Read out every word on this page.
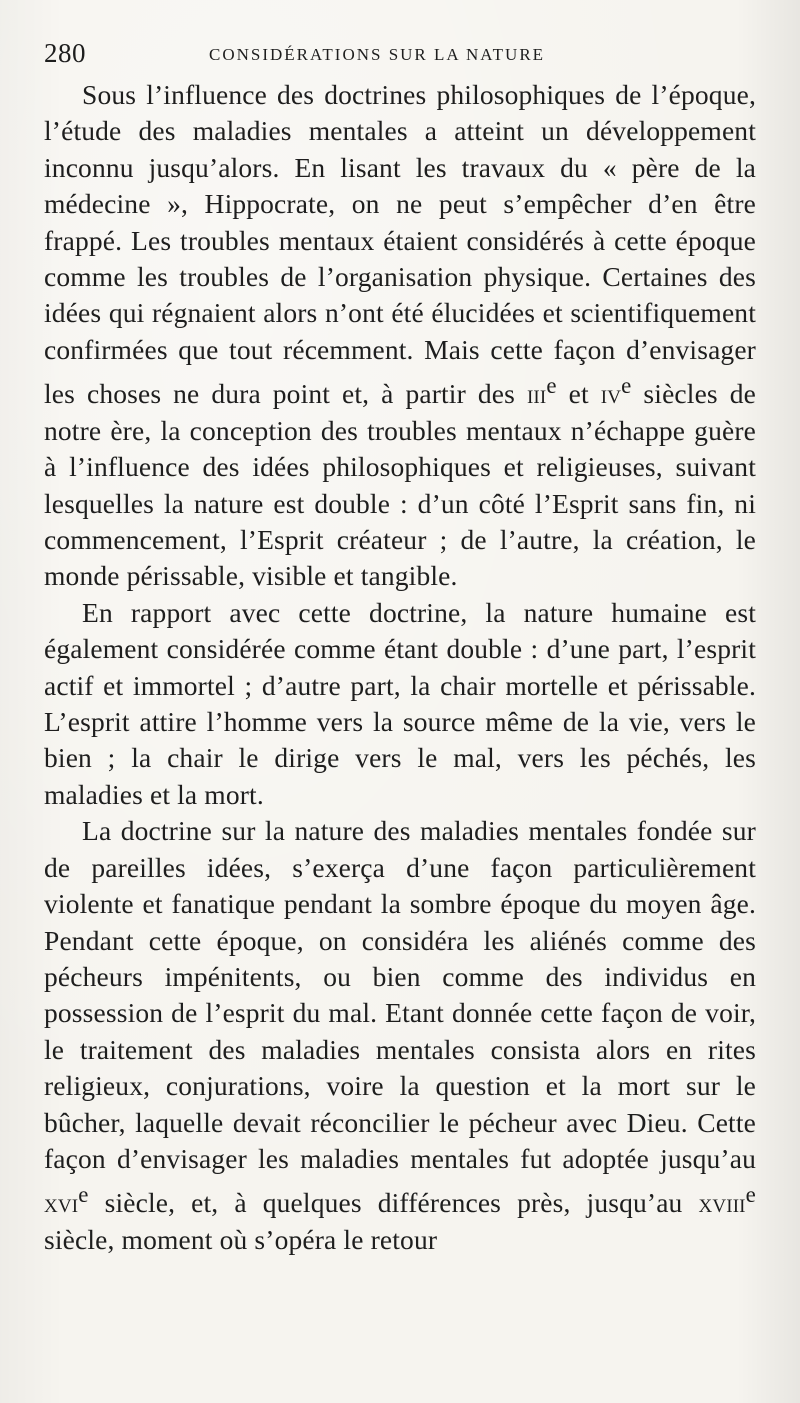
280	CONSIDÉRATIONS SUR LA NATURE

Sous l’influence des doctrines philosophiques de l’époque, l’étude des maladies mentales a atteint un développement inconnu jusqu’alors. En lisant les travaux du « père de la médecine », Hippocrate, on ne peut s’empêcher d’en être frappé. Les troubles mentaux étaient considérés à cette époque comme les troubles de l’organisation physique. Certaines des idées qui régnaient alors n’ont été élucidées et scientifiquement confirmées que tout récemment. Mais cette façon d’envisager les choses ne dura point et, à partir des iii$^e$ et $iv^e$ siècles de notre ère, la conception des troubles mentaux n’échappe guère à l’influence des idées philosophiques et religieuses, suivant lesquelles la nature est double : d’un côté l’Esprit sans fin, ni commencement, l’Esprit créateur ; de l’autre, la création, le monde périssable, visible et tangible.

En rapport avec cette doctrine, la nature humaine est également considérée comme étant double : d’une part, l’esprit actif et immortel ; d’autre part, la chair mortelle et périssable. L’esprit attire l’homme vers la source même de la vie, vers le bien ; la chair le dirige vers le mal, vers les péchés, les maladies et la mort.

La doctrine sur la nature des maladies mentales fondée sur de pareilles idées, s’exerça d’une façon particulièrement violente et fanatique pendant la sombre époque du moyen âge. Pendant cette époque, on considéra les aliénés comme des pécheurs impénitents, ou bien comme des individus en possession de l’esprit du mal. Etant donnée cette façon de voir, le traitement des maladies mentales consista alors en rites religieux, conjurations, voire la question et la mort sur le bûcher, laquelle devait réconcilier le pécheur avec Dieu. Cette façon d’envisager les maladies mentales fut adoptée jusqu’au xvi$^e$ siècle, et, à quelques différences près, jusqu’au xviii$^e$ siècle, moment où s’opéra le retour
